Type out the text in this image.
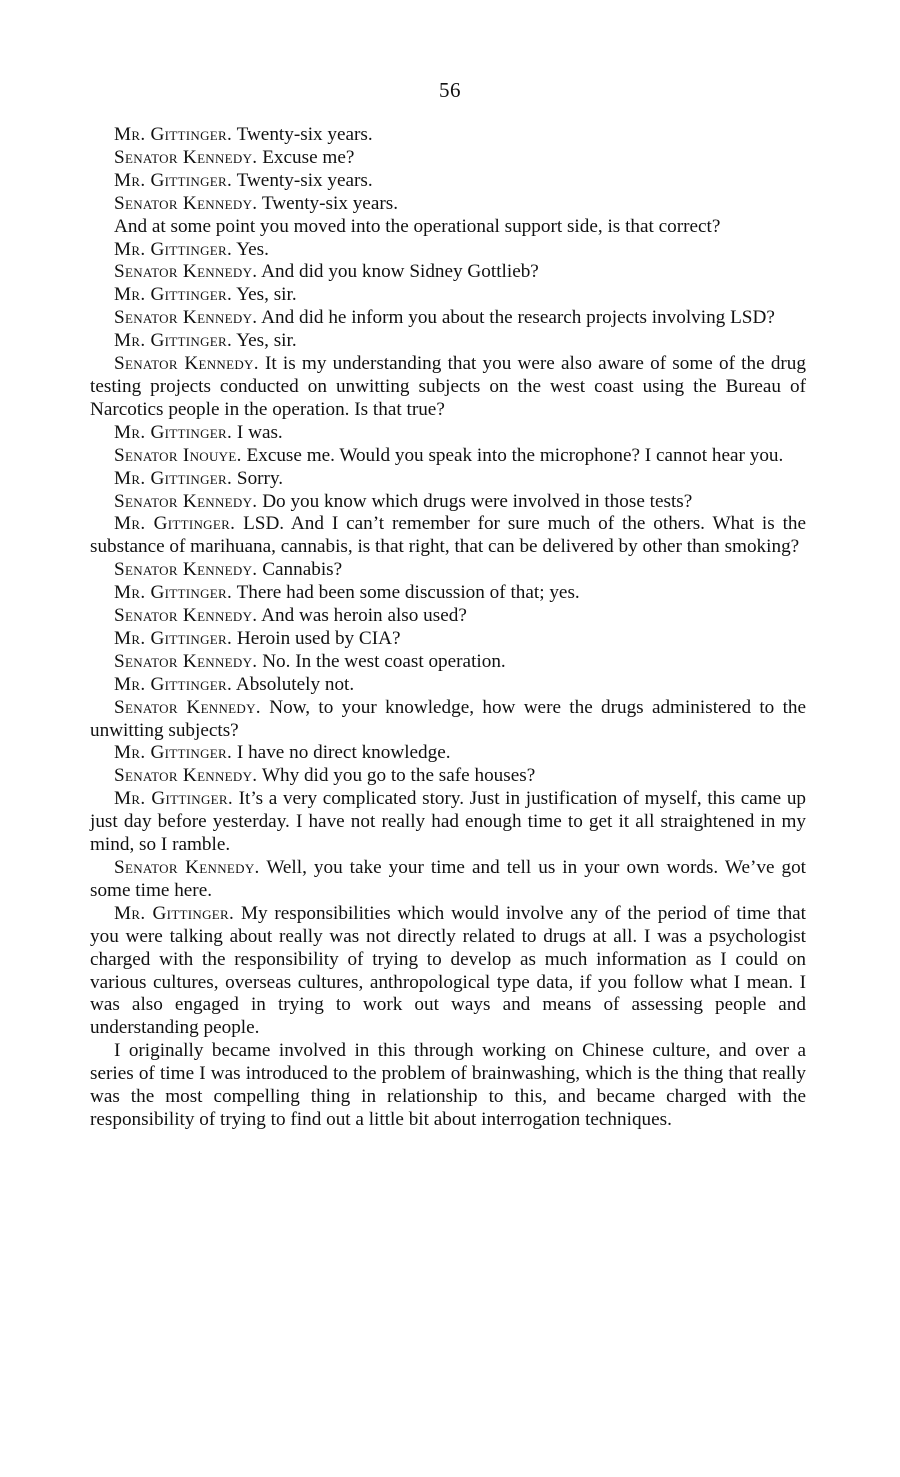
56

Mr. Gittinger. Twenty-six years.

Senator Kennedy. Excuse me?

Mr. Gittinger. Twenty-six years.

Senator Kennedy. Twenty-six years.

And at some point you moved into the operational support side, is that correct?

Mr. Gittinger. Yes.

Senator Kennedy. And did you know Sidney Gottlieb?

Mr. Gittinger. Yes, sir.

Senator Kennedy. And did he inform you about the research projects involving LSD?

Mr. Gittinger. Yes, sir.

Senator Kennedy. It is my understanding that you were also aware of some of the drug testing projects conducted on unwitting subjects on the west coast using the Bureau of Narcotics people in the operation. Is that true?

Mr. Gittinger. I was.

Senator Inouye. Excuse me. Would you speak into the microphone? I cannot hear you.

Mr. Gittinger. Sorry.

Senator Kennedy. Do you know which drugs were involved in those tests?

Mr. Gittinger. LSD. And I can’t remember for sure much of the others. What is the substance of marihuana, cannabis, is that right, that can be delivered by other than smoking?

Senator Kennedy. Cannabis?

Mr. Gittinger. There had been some discussion of that; yes.

Senator Kennedy. And was heroin also used?

Mr. Gittinger. Heroin used by CIA?

Senator Kennedy. No. In the west coast operation.

Mr. Gittinger. Absolutely not.

Senator Kennedy. Now, to your knowledge, how were the drugs administered to the unwitting subjects?

Mr. Gittinger. I have no direct knowledge.

Senator Kennedy. Why did you go to the safe houses?

Mr. Gittinger. It’s a very complicated story. Just in justification of myself, this came up just day before yesterday. I have not really had enough time to get it all straightened in my mind, so I ramble.

Senator Kennedy. Well, you take your time and tell us in your own words. We’ve got some time here.

Mr. Gittinger. My responsibilities which would involve any of the period of time that you were talking about really was not directly related to drugs at all. I was a psychologist charged with the responsibility of trying to develop as much information as I could on various cultures, overseas cultures, anthropological type data, if you follow what I mean. I was also engaged in trying to work out ways and means of assessing people and understanding people.

I originally became involved in this through working on Chinese culture, and over a series of time I was introduced to the problem of brainwashing, which is the thing that really was the most compelling thing in relationship to this, and became charged with the responsibility of trying to find out a little bit about interrogation techniques.
